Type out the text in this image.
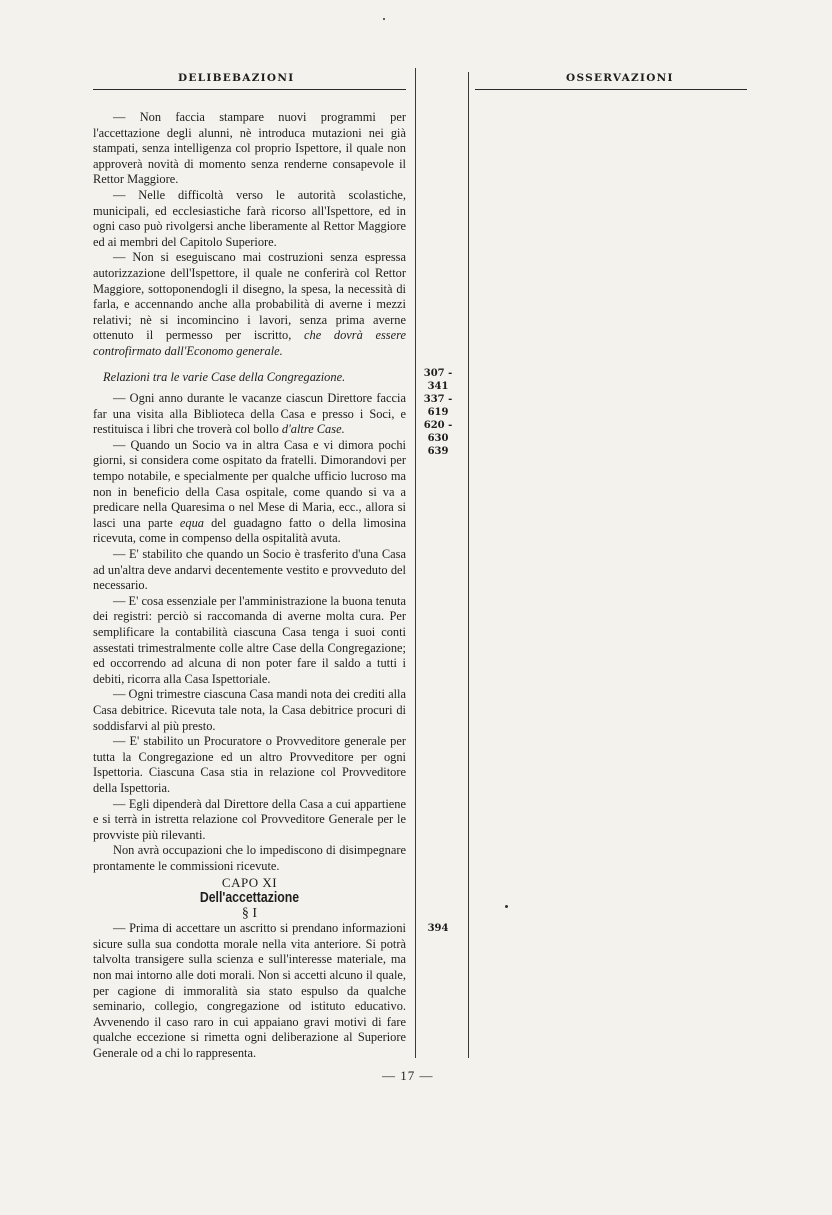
DELIBEBAZIONI	OSSERVAZIONI

— Non faccia stampare nuovi programmi per l'accettazione degli alunni, nè introduca mutazioni nei già stampati, senza intelligenza col proprio Ispettore, il quale non approverà novità di momento senza renderne consapevole il Rettor Maggiore.

— Nelle difficoltà verso le autorità scolastiche, municipali, ed ecclesiastiche farà ricorso all'Ispettore, ed in ogni caso può rivolgersi anche liberamente al Rettor Maggiore ed ai membri del Capitolo Superiore.

— Non si eseguiscano mai costruzioni senza espressa autorizzazione dell'Ispettore, il quale ne conferirà col Rettor Maggiore, sottoponendogli il disegno, la spesa, la necessità di farla, e accennando anche alla probabilità di averne i mezzi relativi; nè si incomincino i lavori, senza prima averne ottenuto il permesso per iscritto, che dovrà essere controfirmato dall'Economo generale.

Relazioni tra le varie Case della Congregazione.

— Ogni anno durante le vacanze ciascun Direttore faccia far una visita alla Biblioteca della Casa e presso i Soci, e restituisca i libri che troverà col bollo d'altre Case.

— Quando un Socio va in altra Casa e vi dimora pochi giorni, si considera come ospitato da fratelli. Dimorandovi per tempo notabile, e specialmente per qualche ufficio lucroso ma non in beneficio della Casa ospitale, come quando si va a predicare nella Quaresima o nel Mese di Maria, ecc., allora si lasci una parte equa del guadagno fatto o della limosina ricevuta, come in compenso della ospitalità avuta.

— E' stabilito che quando un Socio è trasferito d'una Casa ad un'altra deve andarvi decentemente vestito e provveduto del necessario.

— E' cosa essenziale per l'amministrazione la buona tenuta dei registri: perciò si raccomanda di averne molta cura. Per semplificare la contabilità ciascuna Casa tenga i suoi conti assestati trimestralmente colle altre Case della Congregazione; ed occorrendo ad alcuna di non poter fare il saldo a tutti i debiti, ricorra alla Casa Ispettoriale.

— Ogni trimestre ciascuna Casa mandi nota dei crediti alla Casa debitrice. Ricevuta tale nota, la Casa debitrice procuri di soddisfarvi al più presto.

— E' stabilito un Procuratore o Provveditore generale per tutta la Congregazione ed un altro Provveditore per ogni Ispettoria. Ciascuna Casa stia in relazione col Provveditore della Ispettoria.

— Egli dipenderà dal Direttore della Casa a cui appartiene e si terrà in istretta relazione col Provveditore Generale per le provviste più rilevanti.

Non avrà occupazioni che lo impediscono di disimpegnare prontamente le commissioni ricevute.

CAPO XI

Dell'accettazione

§ I

— Prima di accettare un ascritto si prendano informazioni sicure sulla sua condotta morale nella vita anteriore. Si potrà talvolta transigere sulla scienza e sull'interesse materiale, ma non mai intorno alle doti morali. Non si accetti alcuno il quale, per cagione di immoralità sia stato espulso da qualche seminario, collegio, congregazione od istituto educativo. Avvenendo il caso raro in cui appaiano gravi motivi di fare qualche eccezione si rimetta ogni deliberazione al Superiore Generale od a chi lo rappresenta.

307 - 341
337 - 619
620 - 630
639
394
— 17 —
